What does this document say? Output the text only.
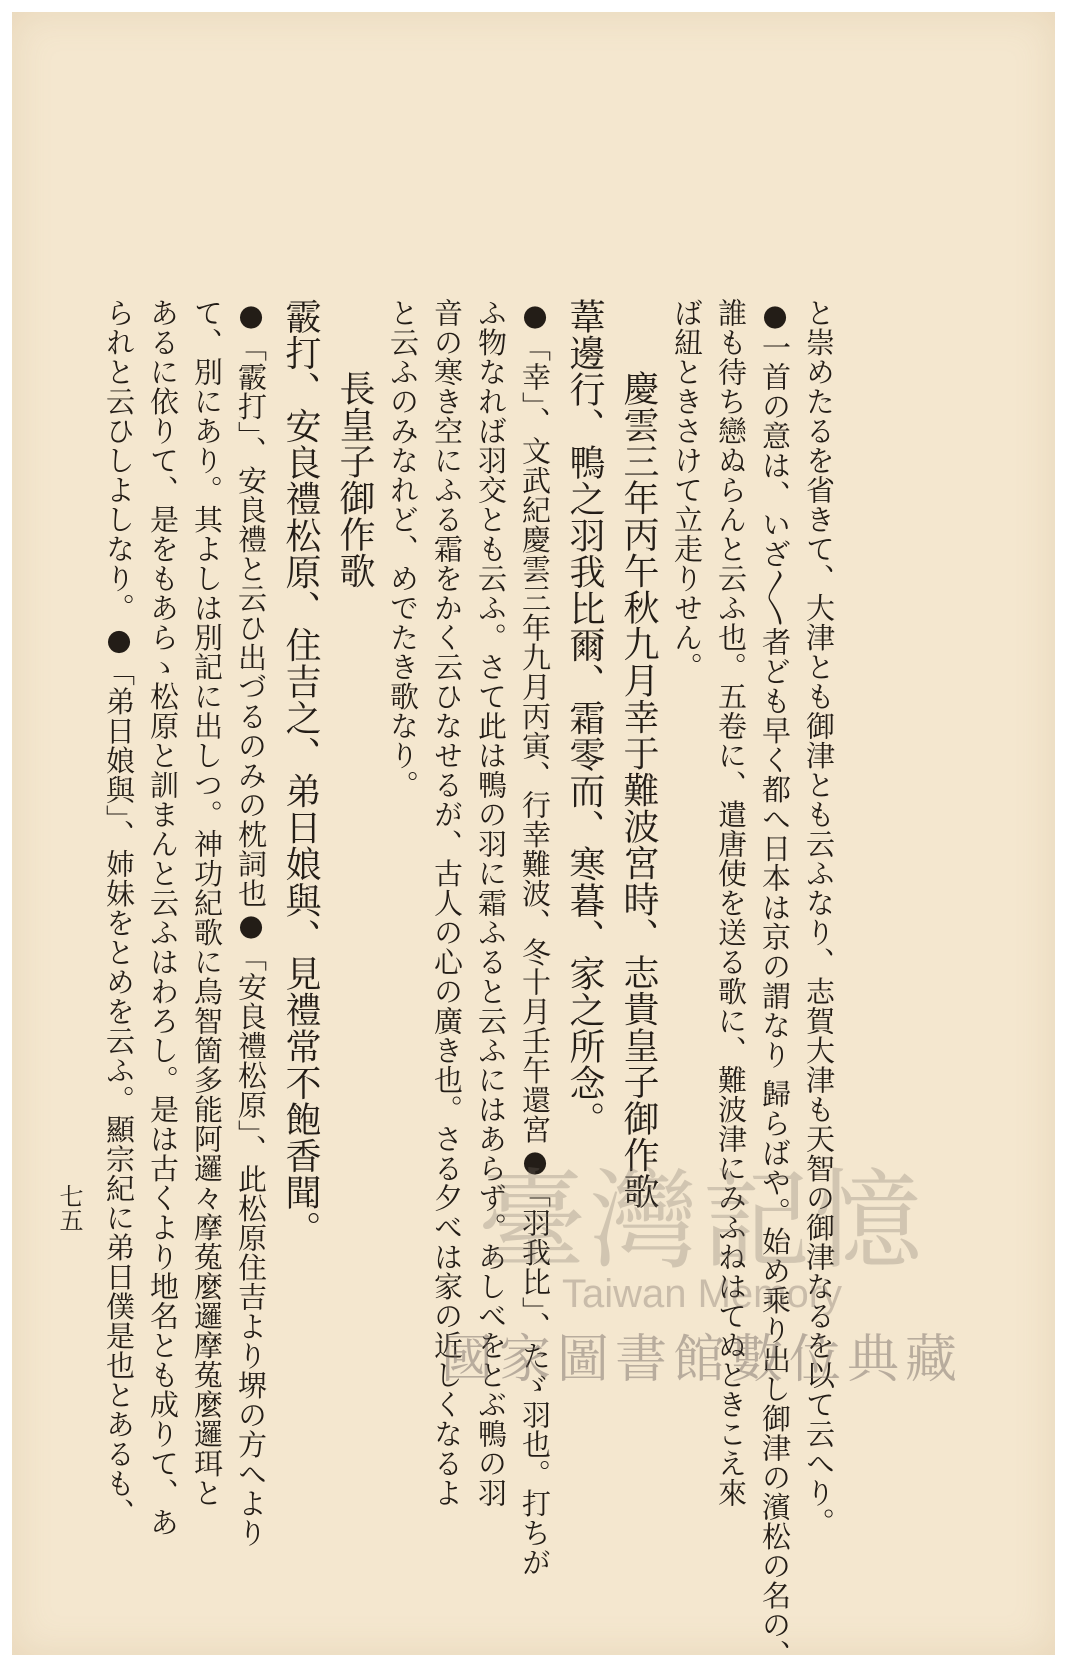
と崇めたるを省きて、大津とも御津とも云ふなり、志賀大津も天智の御津なるを以て云へり。
●一首の意は、いざ〳〵者ども早く都へ日本は京の謂なり 歸らばや。始め乘り出し御津の濱松の名の、
誰も待ち戀ぬらんと云ふ也。五卷に、遣唐使を送る歌に、難波津にみふねはてぬときこえ來
ば紐ときさけて立走りせん。
慶雲三年丙午秋九月幸于難波宮時、志貴皇子御作歌
葦邊行、鴨之羽我比爾、霜零而、寒暮、家之所念。
●「幸」、文武紀慶雲三年九月丙寅、行幸難波、冬十月壬午還宮●「羽我比」、たゞ羽也。打ちが
ふ物なれば羽交とも云ふ。さて此は鴨の羽に霜ふると云ふにはあらず。あしべをとぶ鴨の羽
音の寒き空にふる霜をかく云ひなせるが、古人の心の廣き也。さる夕べは家の近しくなるよ
と云ふのみなれど、めでたき歌なり。
長皇子御作歌
霰打、安良禮松原、住吉之、弟日娘與、見禮常不飽香聞。
●「霰打」、安良禮と云ひ出づるのみの枕詞也●「安良禮松原」、此松原住吉より堺の方へより
て、別にあり。其よしは別記に出しつ。神功紀歌に烏智箇多能阿邏々摩菟麼邏摩菟麼邏珥と
あるに依りて、是をもあらゝ松原と訓まんと云ふはわろし。是は古くより地名とも成りて、あ
られと云ひしよしなり。●「弟日娘與」、姉妹をとめを云ふ。顯宗紀に弟日僕是也とあるも、
七五	臺灣記憶
Taiwan Memory
國家圖書館數位典藏
